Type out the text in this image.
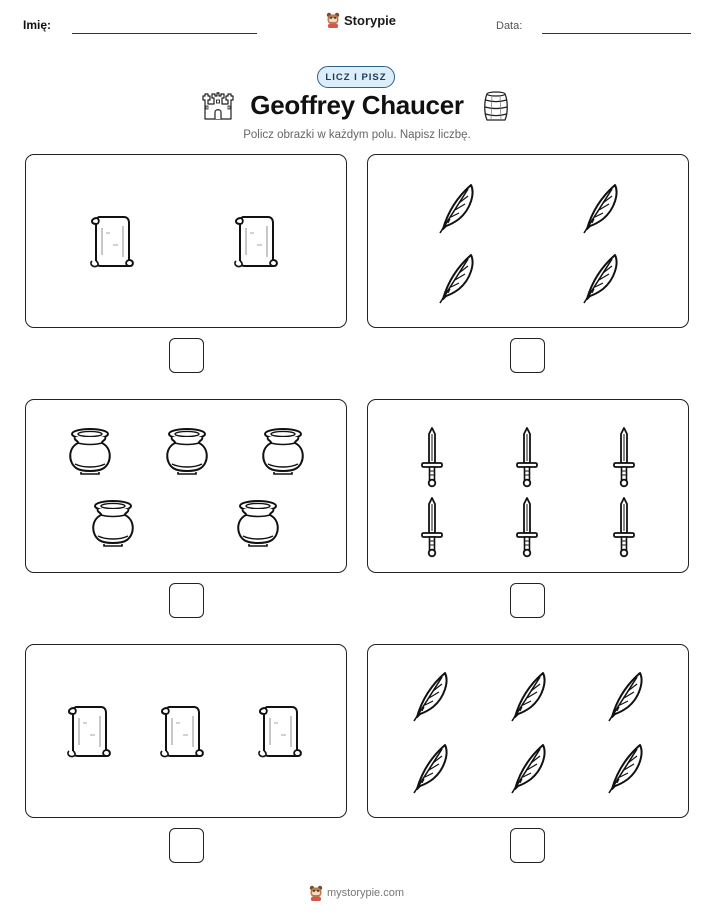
Imię:	Storypie	Data:
LICZ I PISZ
Geoffrey Chaucer
Policz obrazki w każdym polu. Napisz liczbę.
mystorypie.com
